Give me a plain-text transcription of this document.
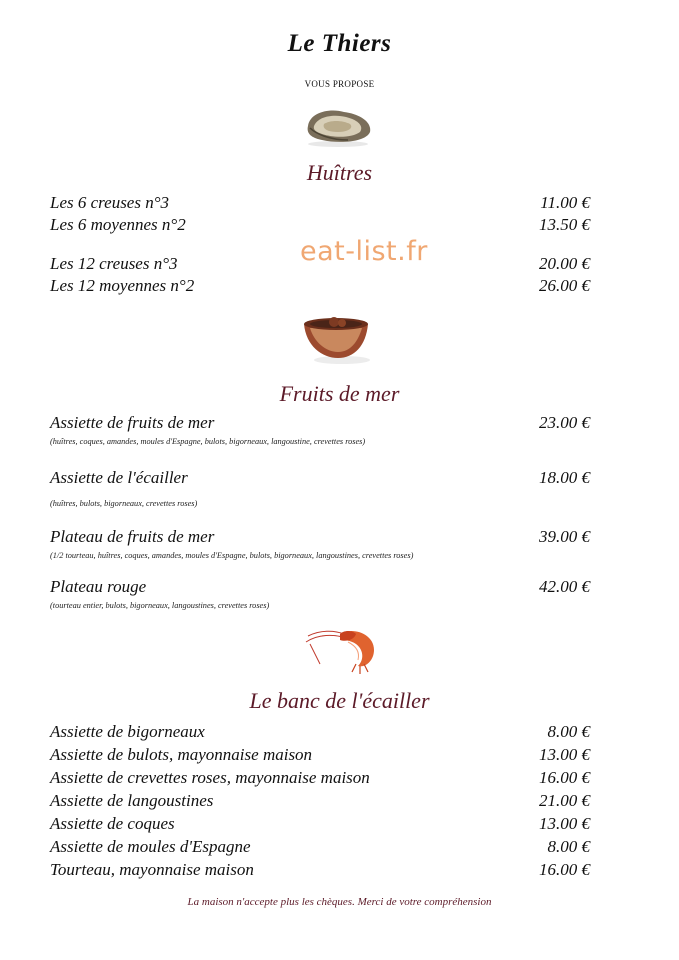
Le Thiers
VOUS PROPOSE
Huîtres
Les 6 creuses n°3	11.00 €
Les 6 moyennes n°2	13.50 €
Les 12 creuses n°3	20.00 €
Les 12 moyennes n°2	26.00 €
eat-list.fr
Fruits de mer
Assiette de fruits de mer	23.00 €
(huîtres, coques, amandes, moules d'Espagne, bulots, bigorneaux, langoustine, crevettes roses)
Assiette de l'écailler	18.00 €
(huîtres, bulots, bigorneaux, crevettes roses)
Plateau de fruits de mer	39.00 €
(1/2 tourteau, huîtres, coques, amandes, moules d'Espagne, bulots, bigorneaux, langoustines, crevettes roses)
Plateau rouge	42.00 €
(tourteau entier, bulots, bigorneaux, langoustines, crevettes roses)
Le banc de l'écailler
Assiette de bigorneaux	8.00 €
Assiette de bulots, mayonnaise maison	13.00 €
Assiette de crevettes roses, mayonnaise maison	16.00 €
Assiette de langoustines	21.00 €
Assiette de coques	13.00 €
Assiette de moules d'Espagne	8.00 €
Tourteau, mayonnaise maison	16.00 €
La maison n'accepte plus les chèques. Merci de votre compréhension
